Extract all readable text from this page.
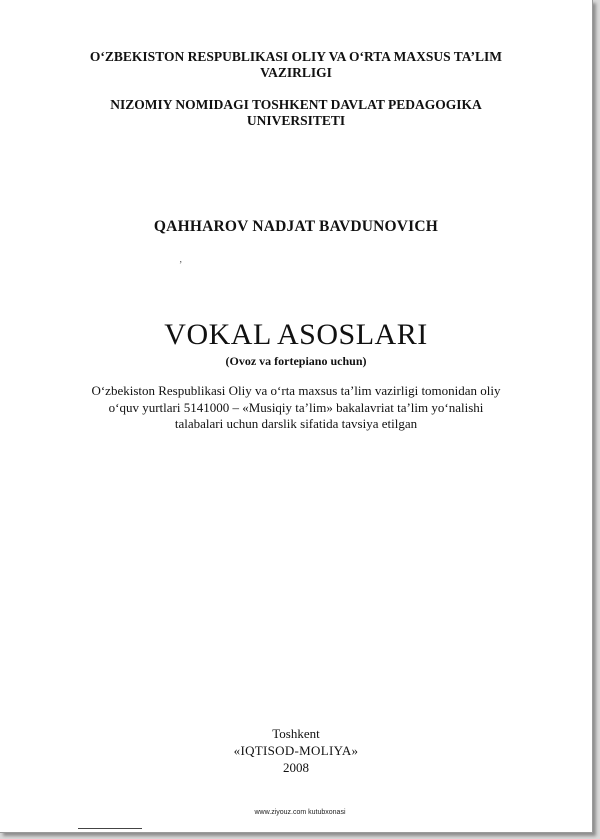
O‘ZBEKISTON RESPUBLIKASI OLIY VA O‘RTA MAXSUS TA’LIM
VAZIRLIGI
NIZOMIY NOMIDAGI TOSHKENT DAVLAT PEDAGOGIKA
UNIVERSITETI
QAHHAROV NADJAT BAVDUNOVICH
‚
VOKAL ASOSLARI
(Ovoz va fortepiano uchun)
O‘zbekiston Respublikasi Oliy va o‘rta maxsus ta’lim vazirligi tomonidan oliy
o‘quv yurtlari 5141000 – «Musiqiy ta’lim» bakalavriat ta’lim yo‘nalishi
talabalari uchun darslik sifatida tavsiya etilgan
Toshkent
«IQTISOD-MOLIYA»
2008
www.ziyouz.com kutubxonasi
